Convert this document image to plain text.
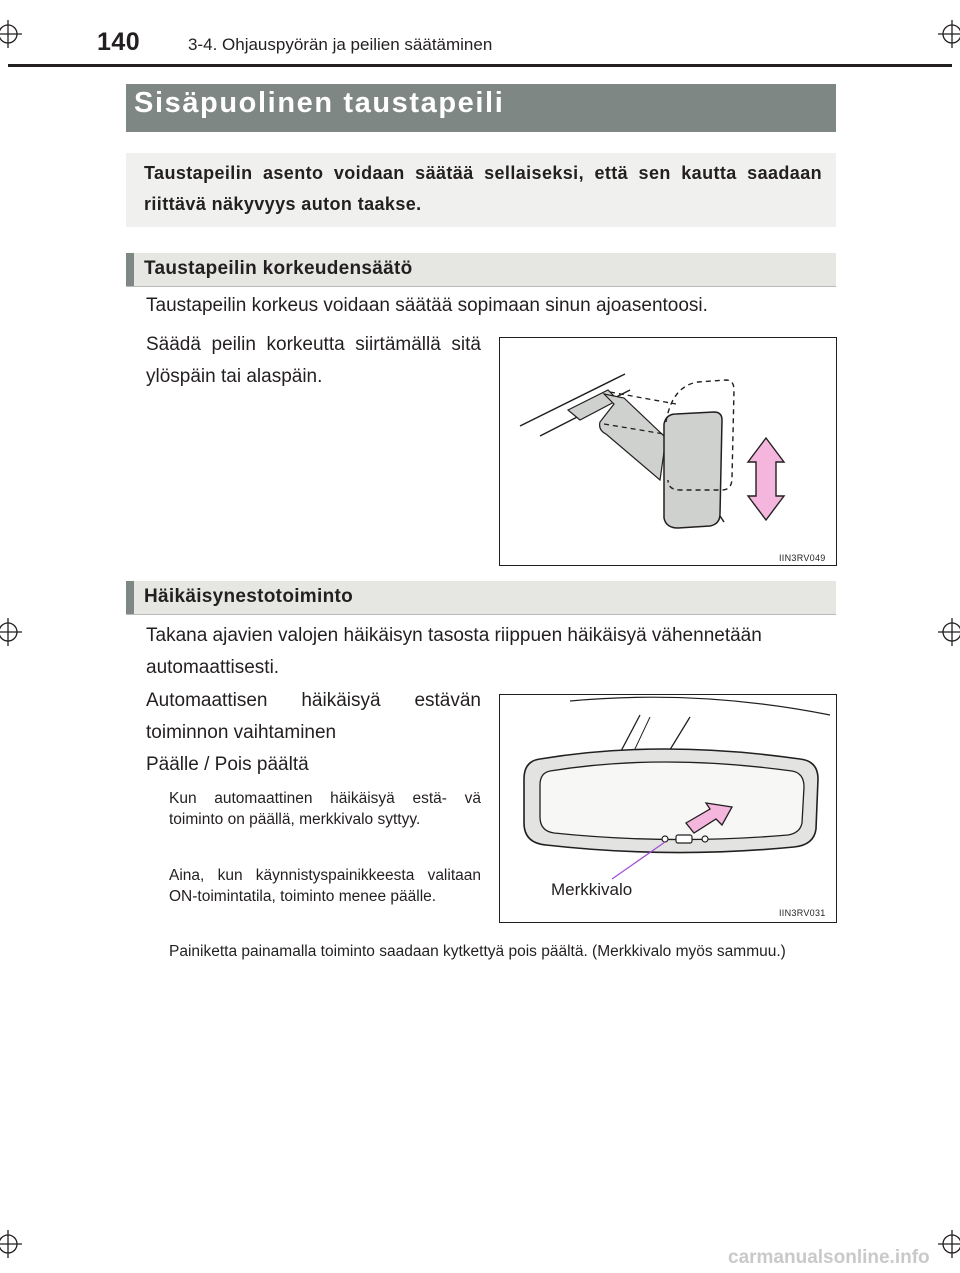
140	3-4. Ohjauspyörän ja peilien säätäminen
Sisäpuolinen taustapeili
Taustapeilin asento voidaan säätää sellaiseksi, että sen kautta saadaan riittävä näkyvyys auton taakse.
Taustapeilin korkeudensäätö
Taustapeilin korkeus voidaan säätää sopimaan sinun ajoasentoosi.
Säädä peilin korkeutta siirtämällä sitä ylöspäin tai alaspäin.
IIN3RV049
Häikäisynestotoiminto
Takana ajavien valojen häikäisyn tasosta riippuen häikäisyä vähennetään automaattisesti.
Automaattisen häikäisyä estävän toiminnon vaihtaminen
Päälle / Pois päältä
Kun automaattinen häikäisyä estä- vä toiminto on päällä, merkkivalo syttyy.
Aina, kun käynnistyspainikkeesta valitaan ON-toimintatila, toiminto menee päälle.
Painiketta painamalla toiminto saadaan kytkettyä pois päältä. (Merkkivalo myös sammuu.)
Merkkivalo
IIN3RV031
carmanualsonline.info
